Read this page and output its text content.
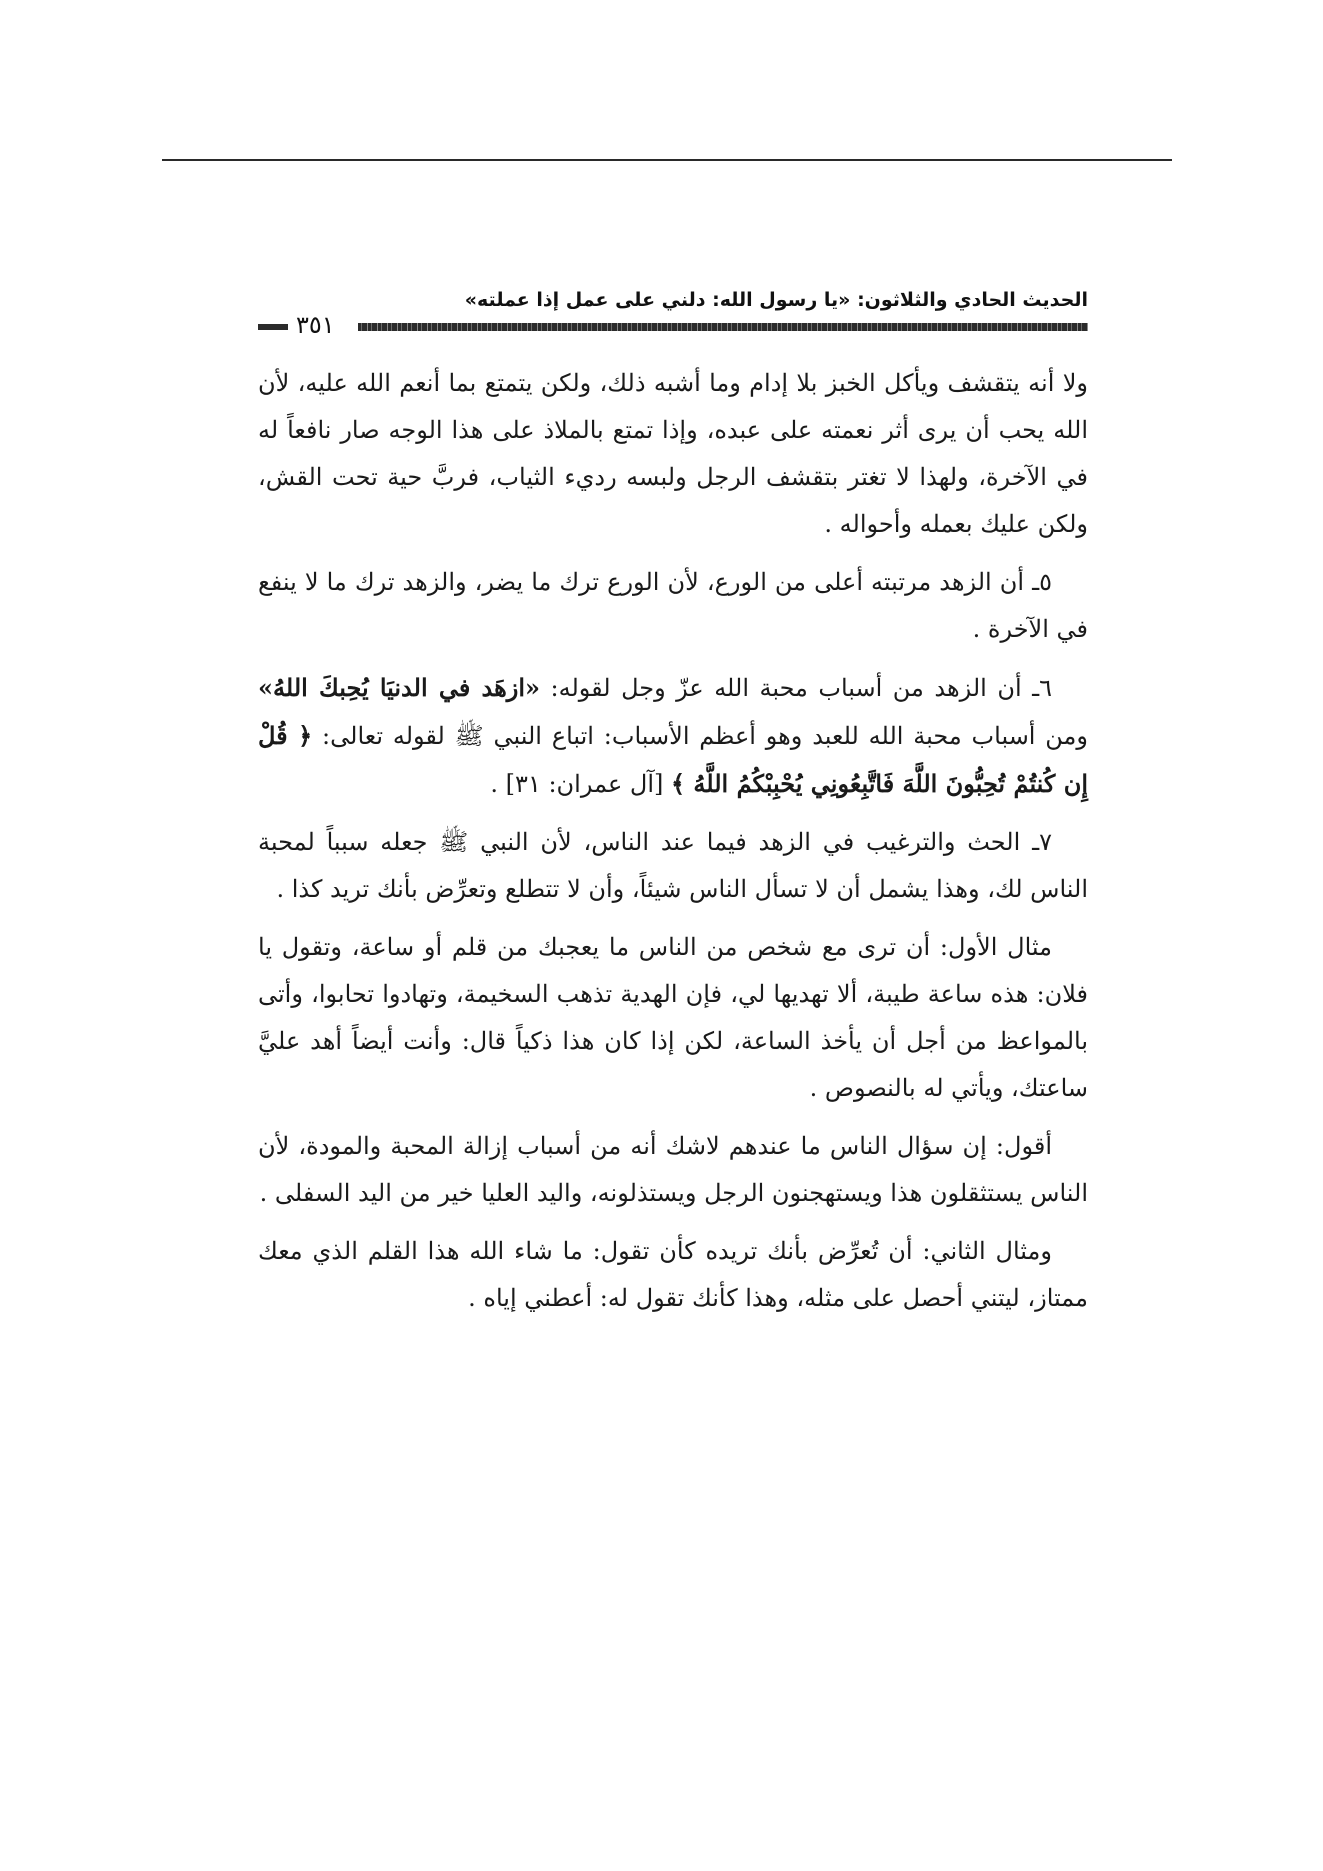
الحديث الحادي والثلاثون: «يا رسول الله: دلني على عمل إذا عملته»
٣٥١

ولا أنه يتقشف ويأكل الخبز بلا إدام وما أشبه ذلك، ولكن يتمتع بما أنعم الله عليه، لأن الله يحب أن يرى أثر نعمته على عبده، وإذا تمتع بالملاذ على هذا الوجه صار نافعاً له في الآخرة، ولهذا لا تغتر بتقشف الرجل ولبسه رديء الثياب، فربَّ حية تحت القش، ولكن عليك بعمله وأحواله .

٥ـ أن الزهد مرتبته أعلى من الورع، لأن الورع ترك ما يضر، والزهد ترك ما لا ينفع في الآخرة .

٦ـ أن الزهد من أسباب محبة الله عزّ وجل لقوله: «ازهَد في الدنيَا يُحِبكَ اللهُ» ومن أسباب محبة الله للعبد وهو أعظم الأسباب: اتباع النبي ﷺ لقوله تعالى: ﴿ قُلْ إِن كُنتُمْ تُحِبُّونَ اللَّهَ فَاتَّبِعُونِي يُحْبِبْكُمُ اللَّهُ ﴾ [آل عمران: ٣١] .

٧ـ الحث والترغيب في الزهد فيما عند الناس، لأن النبي ﷺ جعله سبباً لمحبة الناس لك، وهذا يشمل أن لا تسأل الناس شيئاً، وأن لا تتطلع وتعرِّض بأنك تريد كذا .

مثال الأول: أن ترى مع شخص من الناس ما يعجبك من قلم أو ساعة، وتقول يا فلان: هذه ساعة طيبة، ألا تهديها لي، فإن الهدية تذهب السخيمة، وتهادوا تحابوا، وأتى بالمواعظ من أجل أن يأخذ الساعة، لكن إذا كان هذا ذكياً قال: وأنت أيضاً أهد عليَّ ساعتك، ويأتي له بالنصوص .

أقول: إن سؤال الناس ما عندهم لاشك أنه من أسباب إزالة المحبة والمودة، لأن الناس يستثقلون هذا ويستهجنون الرجل ويستذلونه، واليد العليا خير من اليد السفلى .

ومثال الثاني: أن تُعرِّض بأنك تريده كأن تقول: ما شاء الله هذا القلم الذي معك ممتاز، ليتني أحصل على مثله، وهذا كأنك تقول له: أعطني إياه .
